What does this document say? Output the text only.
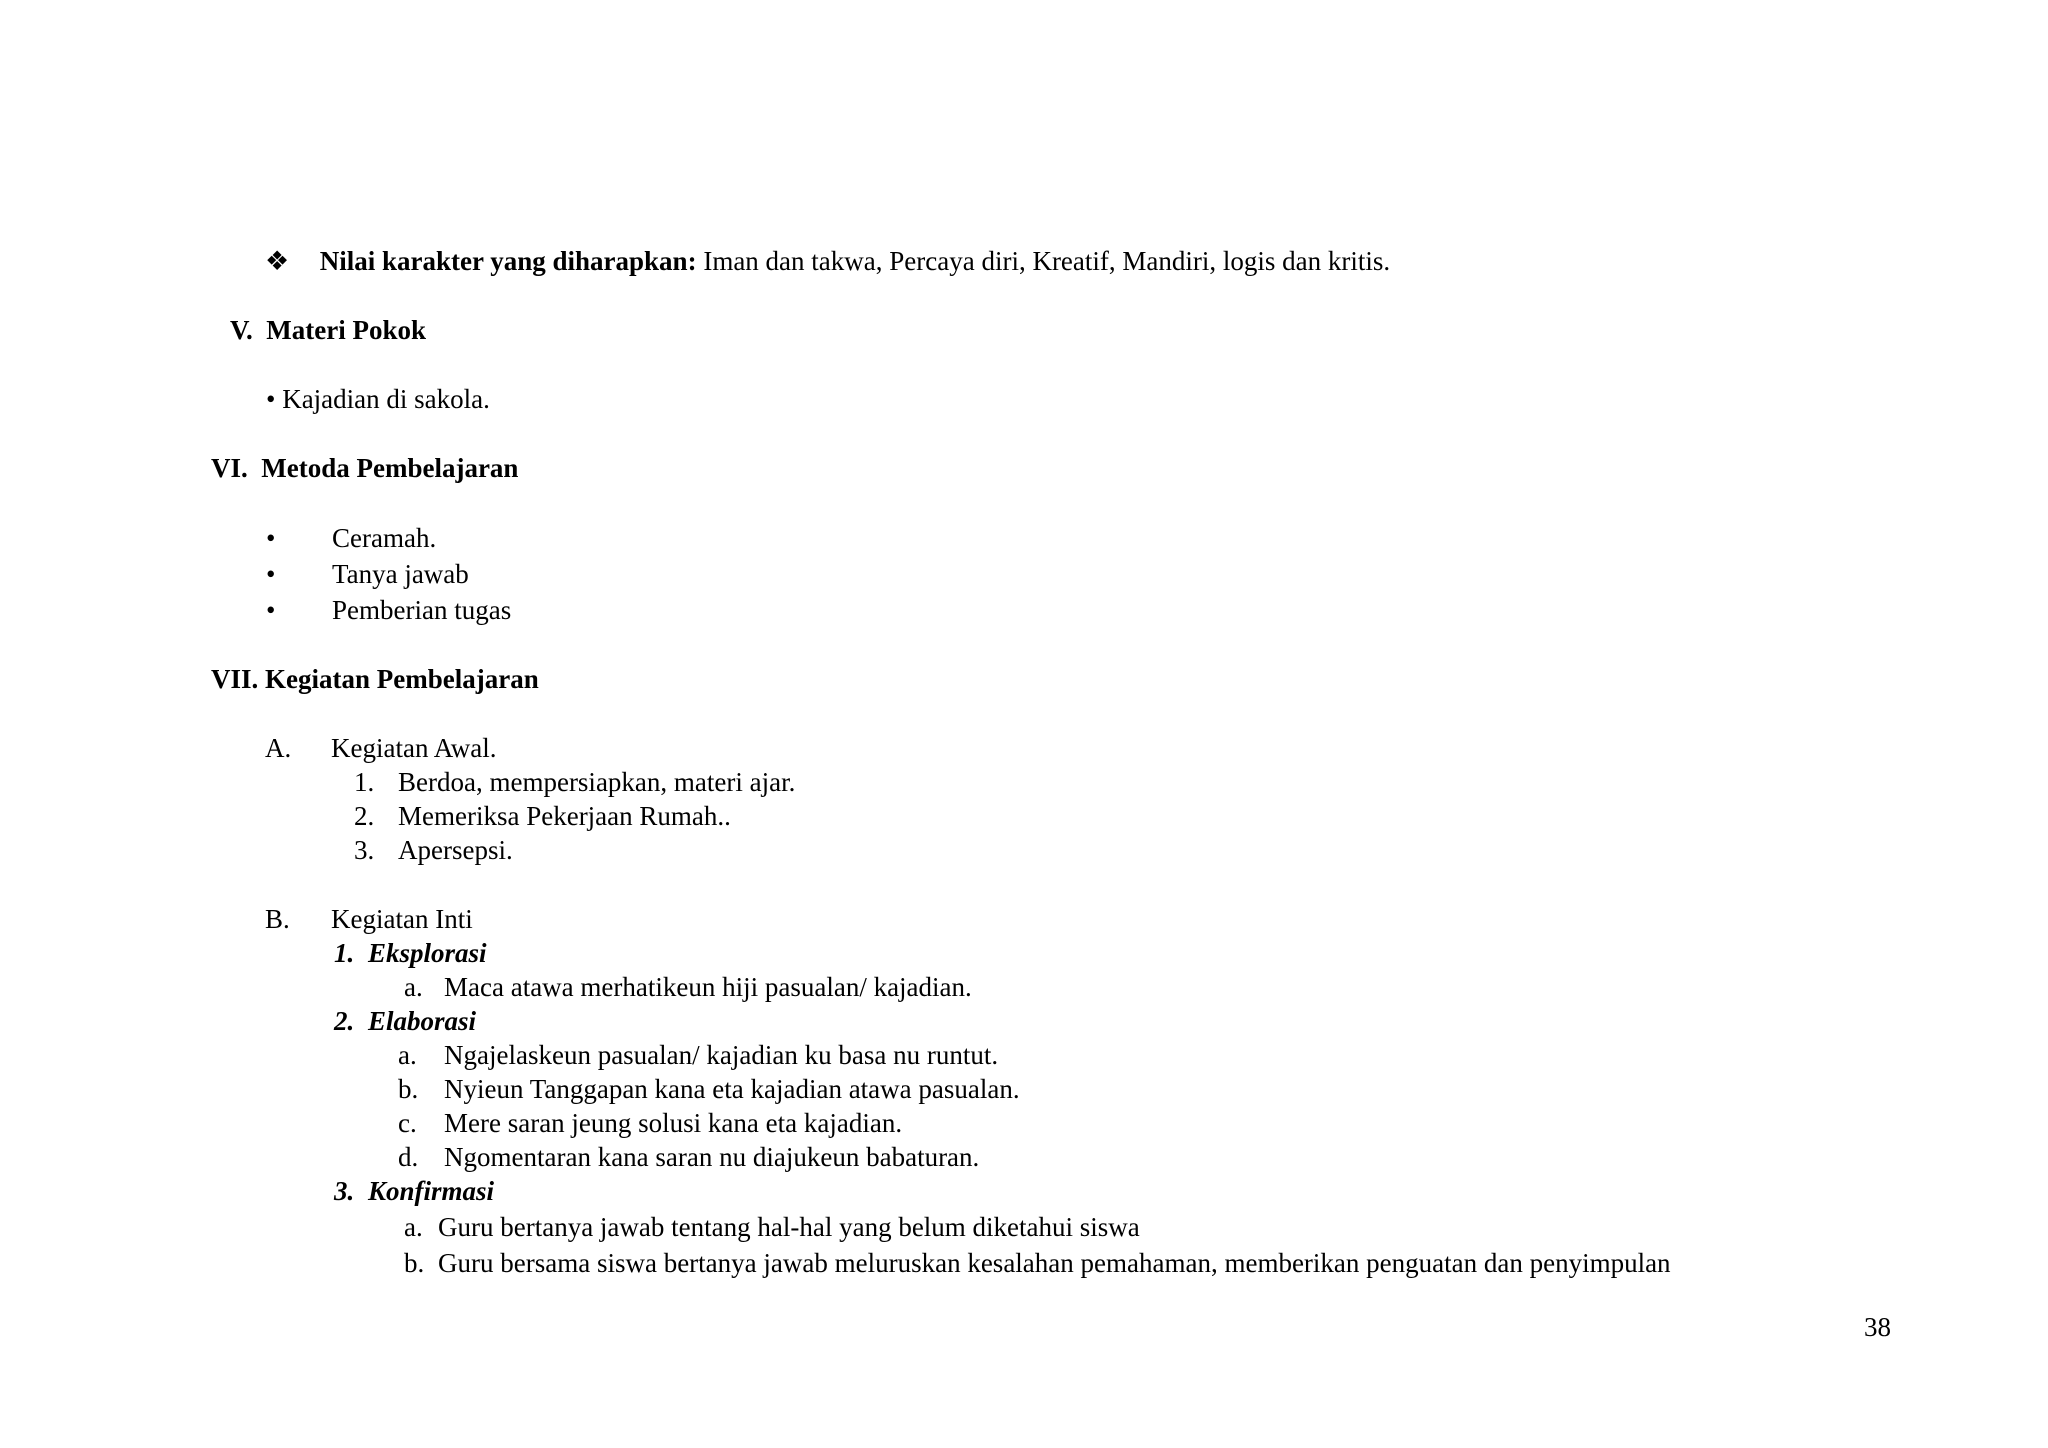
❖ Nilai karakter yang diharapkan: Iman dan takwa, Percaya diri, Kreatif, Mandiri, logis dan kritis.
V. Materi Pokok
• Kajadian di sakola.
VI. Metoda Pembelajaran
• Ceramah.
• Tanya jawab
• Pemberian tugas
VII. Kegiatan Pembelajaran
A. Kegiatan Awal.
1. Berdoa, mempersiapkan, materi ajar.
2. Memeriksa Pekerjaan Rumah..
3. Apersepsi.
B. Kegiatan Inti
1. Eksplorasi
a. Maca atawa merhatikeun hiji pasualan/ kajadian.
2. Elaborasi
a. Ngajelaskeun pasualan/ kajadian ku basa nu runtut.
b. Nyieun Tanggapan kana eta kajadian atawa pasualan.
c. Mere saran jeung solusi kana eta kajadian.
d. Ngomentaran kana saran nu diajukeun babaturan.
3. Konfirmasi
a. Guru bertanya jawab tentang hal-hal yang belum diketahui siswa
b. Guru bersama siswa bertanya jawab meluruskan kesalahan pemahaman, memberikan penguatan dan penyimpulan
38
